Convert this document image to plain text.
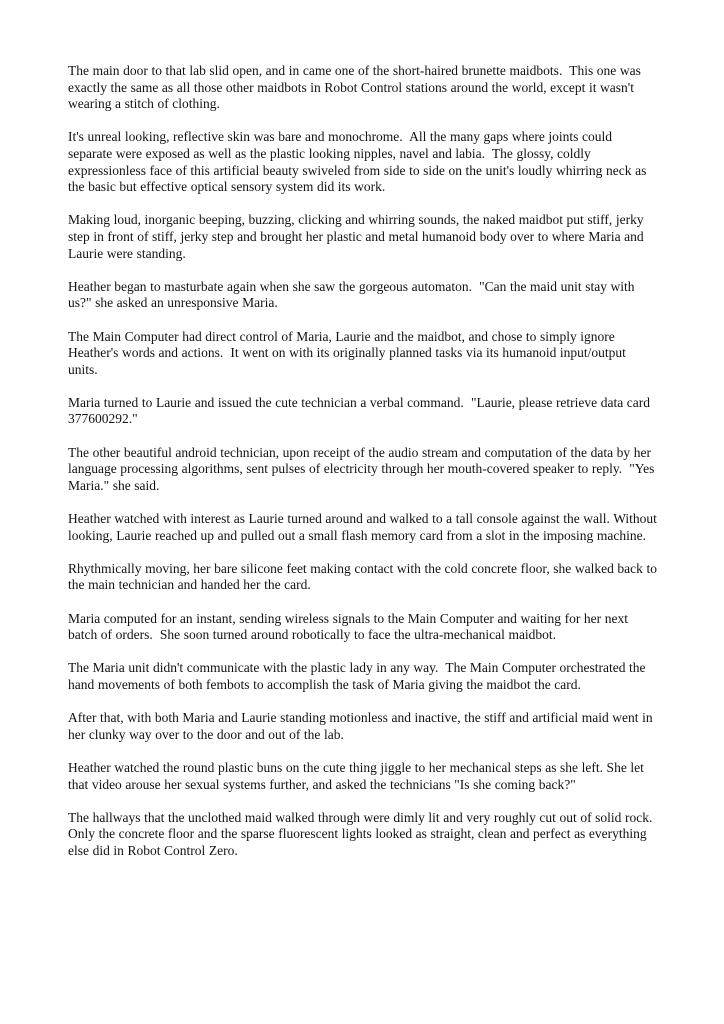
The main door to that lab slid open, and in came one of the short-haired brunette maidbots.  This one was exactly the same as all those other maidbots in Robot Control stations around the world, except it wasn't wearing a stitch of clothing.

It's unreal looking, reflective skin was bare and monochrome.  All the many gaps where joints could separate were exposed as well as the plastic looking nipples, navel and labia.  The glossy, coldly expressionless face of this artificial beauty swiveled from side to side on the unit's loudly whirring neck as the basic but effective optical sensory system did its work.

Making loud, inorganic beeping, buzzing, clicking and whirring sounds, the naked maidbot put stiff, jerky step in front of stiff, jerky step and brought her plastic and metal humanoid body over to where Maria and Laurie were standing.

Heather began to masturbate again when she saw the gorgeous automaton.  "Can the maid unit stay with us?" she asked an unresponsive Maria.

The Main Computer had direct control of Maria, Laurie and the maidbot, and chose to simply ignore Heather's words and actions.  It went on with its originally planned tasks via its humanoid input/output units.

Maria turned to Laurie and issued the cute technician a verbal command.  "Laurie, please retrieve data card 377600292."

The other beautiful android technician, upon receipt of the audio stream and computation of the data by her language processing algorithms, sent pulses of electricity through her mouth-covered speaker to reply.  "Yes Maria." she said.

Heather watched with interest as Laurie turned around and walked to a tall console against the wall. Without looking, Laurie reached up and pulled out a small flash memory card from a slot in the imposing machine.

Rhythmically moving, her bare silicone feet making contact with the cold concrete floor, she walked back to the main technician and handed her the card.

Maria computed for an instant, sending wireless signals to the Main Computer and waiting for her next batch of orders.  She soon turned around robotically to face the ultra-mechanical maidbot.

The Maria unit didn't communicate with the plastic lady in any way.  The Main Computer orchestrated the hand movements of both fembots to accomplish the task of Maria giving the maidbot the card.

After that, with both Maria and Laurie standing motionless and inactive, the stiff and artificial maid went in her clunky way over to the door and out of the lab.

Heather watched the round plastic buns on the cute thing jiggle to her mechanical steps as she left. She let that video arouse her sexual systems further, and asked the technicians "Is she coming back?"

The hallways that the unclothed maid walked through were dimly lit and very roughly cut out of solid rock.  Only the concrete floor and the sparse fluorescent lights looked as straight, clean and perfect as everything else did in Robot Control Zero.
